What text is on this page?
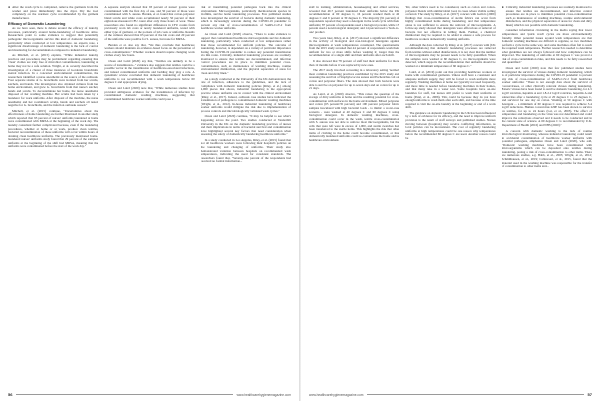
● After the wash cycle is completed, remove the garments from the washer and place immediately into the dryer. Dry the load completely on the warmest cycle recommended by the garment manufacturer.

Efficacy of Domestic Laundering

As we have seen, there is debate around the efficacy of laundry processes, particularly around home-laundering of healthcare attire. Researchers point to some evidence to suggest that potentially pathogenic microorganisms survive this kind of domestic laundering, particularly when conducted at low temperature. As experts note, a significant disadvantage of domestic laundering is the lack of control and monitoring for decontamination compared to industrial laundering.

As Mitchell, et al. (2015) explain, "While industrial laundry practices and procedures may be problematic regarding ensuring that 'clean' clothes are truly free of microbial contamination, laundering at home may not be a safe solution. Wright, et al. recently described the investigation of a cluster of three instances of Gordonia bronchialis sternal infection. In a concerted environmental contamination, the researchers identified a nurse anesthetist as the source of the outbreak. Four separate strains of G. bronchialis were isolated from her scrubs, satchels, and hands. The investigators also obtained cultures from her home environment, and grew G. bronchialis from that nurse's satchel, hands and scrubs. To decontaminate her home, the nurse anesthetist disposed of her washing machine. Her scrubs had been taken by a launderer for work uniforms. After disposal of the machine, the nurse anesthetist and her roommate's scrubs, hands and satchels all tested negative for G. bronchialis, and the infection outbreak ceased."

Mitchell, et al. (2015) continue, "Uncertainties about the effectiveness of home laundering are further illustrated in another study which reported that 93 percent of nurses' uniforms laundered at home were contaminated with MRSA at the beginning of the work day. The laundry consultant further complicated because, even if the laundering procedures, whether at home or at work, produce clean textiles, bacterial recontamination of these uniforms will occur within hours of donning clean healthcare uniforms. The previously mentioned home-laundered nurses' uniforms study found that 29 percent of the sampled uniforms at the beginning of the shift had MRSA, meaning that the uniforms were contaminated before the start of the work day."

A separate analysis showed that 93 percent of nurses' gowns were contaminated with the first day of use, and 50 percent of those were contaminated with S. aureus. Burden, et al. found that cotton-polyester blend scrubs and white coats accumulated nearly 50 percent of their eight-hour-measured CFU count after only three hours of wear. These researchers also found no significant differences in CFU counts from previously worn lab coats or newly laundered uniforms, tested with either type of garment, or the pockets of lab coats or uniforms. Results of the cultures showed that 63 percent of the lab coats and 20 percent of the uniforms were positive for S. aureus, but none for MRSA.

Burden et al. also say that, "We thus conclude that healthcare workers should maintain an evidence-based focus on the prevention of cross-contamination." Whether workers should require changing work clothes every few hours.

Owen and Laird (2020) say that, "Textiles are unlikely to be a source of transmission..." evidence also suggests that textiles could be a possible vector in the transmission of healthcare-associated infections, and indeed contaminated uniforms and bedding may play a role. A systematic review concluded that domestic laundering of healthcare uniforms is not recommended with a wash temperature below 60 degrees C and appropriate drying.

Owen and Laird (2020) note that, "While numerous studies have provided ambiguous evidence for the transmission of infection by contaminated domestic washing machines, suggesting that contaminated healthcare worker uniforms could pose a

risk of transmitting potential pathogens back into the clinical environment. Microorganisms, particularly thermotolerant species in biofilms, survive home laundering processes. Few published studies have investigated the survival of bacteria during domestic laundering, which is increasingly relevant during the COVID-19 pandemic to prevent any risk of cross-contamination of SARS-CoV-2 from healthcare worker uniforms.

As Owen and Laird (2020) observe, "There is some evidence to support that contaminated healthcare microorganisms survive domestic laundering, particularly when conducted at low temperatures rather than those recommended for uniform policies. The outcome of laundering, however, is dependent on a variety of particular importance during the COVID-19 pandemic to reduce any potential transmission via this route. Critically, industrial laundering processes are routinely monitored to ensure that textiles are decontaminated, and infection control procedures are in place to minimize potential cross-contamination, such as maintenance of washing machines, routine environmental disinfection, and the physical separation of areas for clean and dirty linen."

As a study conducted at the University of the UK demonstrated, the rate of infection, adherence to the guidelines, and the lack of compliance with domestic laundering policies (Riley, et al.) among 2,000 pieces that shows, industrial laundering is the appropriate practice where uniforms are in contact with the clinical environment (Riley, et al., 2017). Indeed, outbreak case studies have indicated the transmission of pathogens to contaminated domestic washing machines (Wright, et al., 2012). In-house industrial laundering of healthcare worker uniforms would mitigate the risk due to implementation of process controls and microbiologically validated wash cycles."

Owen and Laird (2020) continue, "It may be helpful to see what's happening across the pond. Two studies conducted at Vanderbilt University in the UK on the domestic laundering practices of nurses and their implications in terms of bacterial survival and contamination have highlighted several key factors that need consideration when assessing the safety of domestically laundering healthcare uniforms."

In a study conducted in Los Angeles, Riley, et al. (2015) found that not all healthcare workers were following their hospital's policies on the laundering and changing of uniforms. Their study also demonstrated variation between hospitals on recommended wash temperatures, indicating the need for consistent standards. The researchers found that, "Seventy-one percent of the respondents had received no formal information...

56	www.healthcarehygienemagazine.com

staff in training, administration, housekeeping and allied services, revealed that 46.7 percent laundered their uniforms below the UK recommendation of 60 degrees C, 16 percent washed them at 40 degrees C and 6 percent at 30 degrees C. The majority (91 percent) of respondents reported they used a detergent in the wash cycle with their uniforms; 87 percent of respondents used a biological powder, while 13 percent used a non-biological detergent; and 14 percent used a 'back-to-one' product.

Two years later, Riley, et al. (2017) showed a significant difference in the activity of biological and non-biological detergents against microorganisms at wash temperatures considered. The questionnaire from the 2015 study revealed that 44 percent of respondents wash their uniform for two or more shifts before washing it; longer than the recommendation of a single shift and their uniforms after each shift.

It also showed that 78 percent of staff had their uniforms for more than 12 months before it was replaced by new ones.

The 2017 study involved recreating in a laboratory setting 'normal' most common laundering practices established by the 2015 study and assessing the survival of Staphylococcus aureus and Escherichia coli on cotton and polyester fibers. The data showed that both bacteria were able to survive on polyester for up to seven days and on cotton for up to 21 days.

As Laird, et al. (2020) observe, "This raises the question of the storage of dirty uniforms at home and the resulting potential for cross-contamination with surfaces in the home environment. Mixed polyester and cotton (65 percent/35 percent) and 100 percent polyester fabric samples inoculated with high bacterial loads - to mimic a worst-case scenario - were washed at 40 degrees C and 60 degrees C using biological detergent. In domestic washing machines, cross-contamination could occur in the wash, textile cross-contamination with S. aureus was not able to remove most microorganisms, but the cells that were left were in excess of 1,000, and sterile swatches had been transferred to the sterile items. This highlights the risk that other items of clothing in the home could become contaminated, or that domestically laundered uniforms could re-contaminate the home and/or healthcare environment.

Yet, other fabrics need to be considered, such as cotton and cotton-polyester blends with antimicrobial load, in cases where visible soiling occurred. The study by Riley, et al. (2017) concurs with Gerba's (2009) findings that cross-contamination of sterile fabrics can occur from highly contaminated items during laundering, and that temperature alone is not sufficient to ensure the removal of microorganisms. A follow-up study showed that detergents were efficacious at removal of bacteria but not effective in killing them. Further, a chemical disinfectant may be required to be added to ensure a safe process for healthcare workers domestically washing uniforms.

Although the data collected by Riley, et al. (2017) concurs with (UK recommendations) that domestic laundering processes are removed from textiles without added disinfectants, it is not clear that the number of microorganisms may be present needs to be fully quantified. When the samples were washed at 60 degrees C, no microorganisms were detected, which supports the recommendation that uniforms should be washed at a minimum temperature of 60 degrees C."

Laird, et al. (2019) point out that providing healthcare workers at home with contaminated garments. Unless staff have a consistent and adequate uniform supply, they will be forced to wash uniforms more regularly. Washing machines at home are typically not used frequently, and more time is needed before laundering machines in their homes, and that many take in a water test. Some hospitals have on-site laundries for staff, but nurses still prefer to wash their uniforms at home (Patel, et al., 2006). This could be because they do not have enough uniforms to wash them after each shift, and because of the time required to visit the on-site laundry at the beginning or end of a work shift.

The guidance on domestic laundering in the UK has been influenced by a lack of evidence for its efficacy, and the need to improve uniform provision is the result of staff surveys and published studies. Nurses moving between (hospitals) may receive conflicting information, as local policies can be inconsistent. The cost of regularly laundering uniforms at high temperatures could be one reason why temperatures below the recommended 60 degrees C are used. Another reason could be

● Critically, industrial laundering processes are routinely monitored to ensure that textiles are decontaminated, and infection control procedures are in place to minimize potential cross-contamination such as maintenance of washing machines, routine environmental disinfection, and the physical separation of areas for clean and dirty linen) which is not possible with domestic laundering.

consumer information circulating in the media saying that lower temperatures and 'quick wash' cycles are more environmentally friendly. Other potential issues around wash temperatures are that domestic washing machines are difficult to regulate, so two machines perform a cycle in the same way, and some machines often fail to reach the required wash temperature. Further research is needed to determine what guidelines are not always followed and how compliance can be improved. The laundering of uniforms at 60 degrees C was proved a risk of cross-contamination risks, and this needs to be fully researched and quantified."

Owen and Laird (2020) note that few published studies have investigated the survival of viruses during domestic laundering, which is of particular importance during the COVID-19 pandemic to prevent any risk of cross-contamination of SARS-CoV-2 from healthcare worker uniforms: "There is not enough data about the survival of coronaviruses, or other clinically relevant viruses during laundering. Enteric viruses have been found to survive domestic laundering, for 4-5 log10 rotavirus, hepatitis A and 1.8-2.2 log10 rotavirus, hepatitis A and adenovirus after a laundering cycle at 20 degrees C to 23 degrees C, and survived for one day on cotton. Washing at 50 degrees C with detergent ... a minimum of 60 degrees C was required to achieve 3-4 log10 reductions. Human coronavirus 229E has been shown to survive on textiles, for up to 24 hours (Lai, et al., 2005). The effect of temperature and laundering on the virus was not determined and could improve the reductions observed and it needs to be conducted and in the current state of science. A 60 degrees C is recommended by U.K. Department of Health (2010) and NHS (2020)."

A concern with domestic washing is the lack of routine microbiological monitoring, whereas industrial laundering could result in accidental contamination of healthcare worker uniforms with potential pathogens, emphasize Owen and Laird (2020), who add, "Domestic washing machines have been contaminated with microorganisms which can be deposited onto textiles during laundering, posing a risk of cross-contamination to other items. There are numerous studies, e.g. Babb, et al., 2003; Wright, et al., 2012; Schmithausen, et al., 2019; Callewaert, et al., 2015, found that the material used in the washing machine was responsible for the transfer of contamination to other items and...

www.healthcarehygienemagazine.com	57
